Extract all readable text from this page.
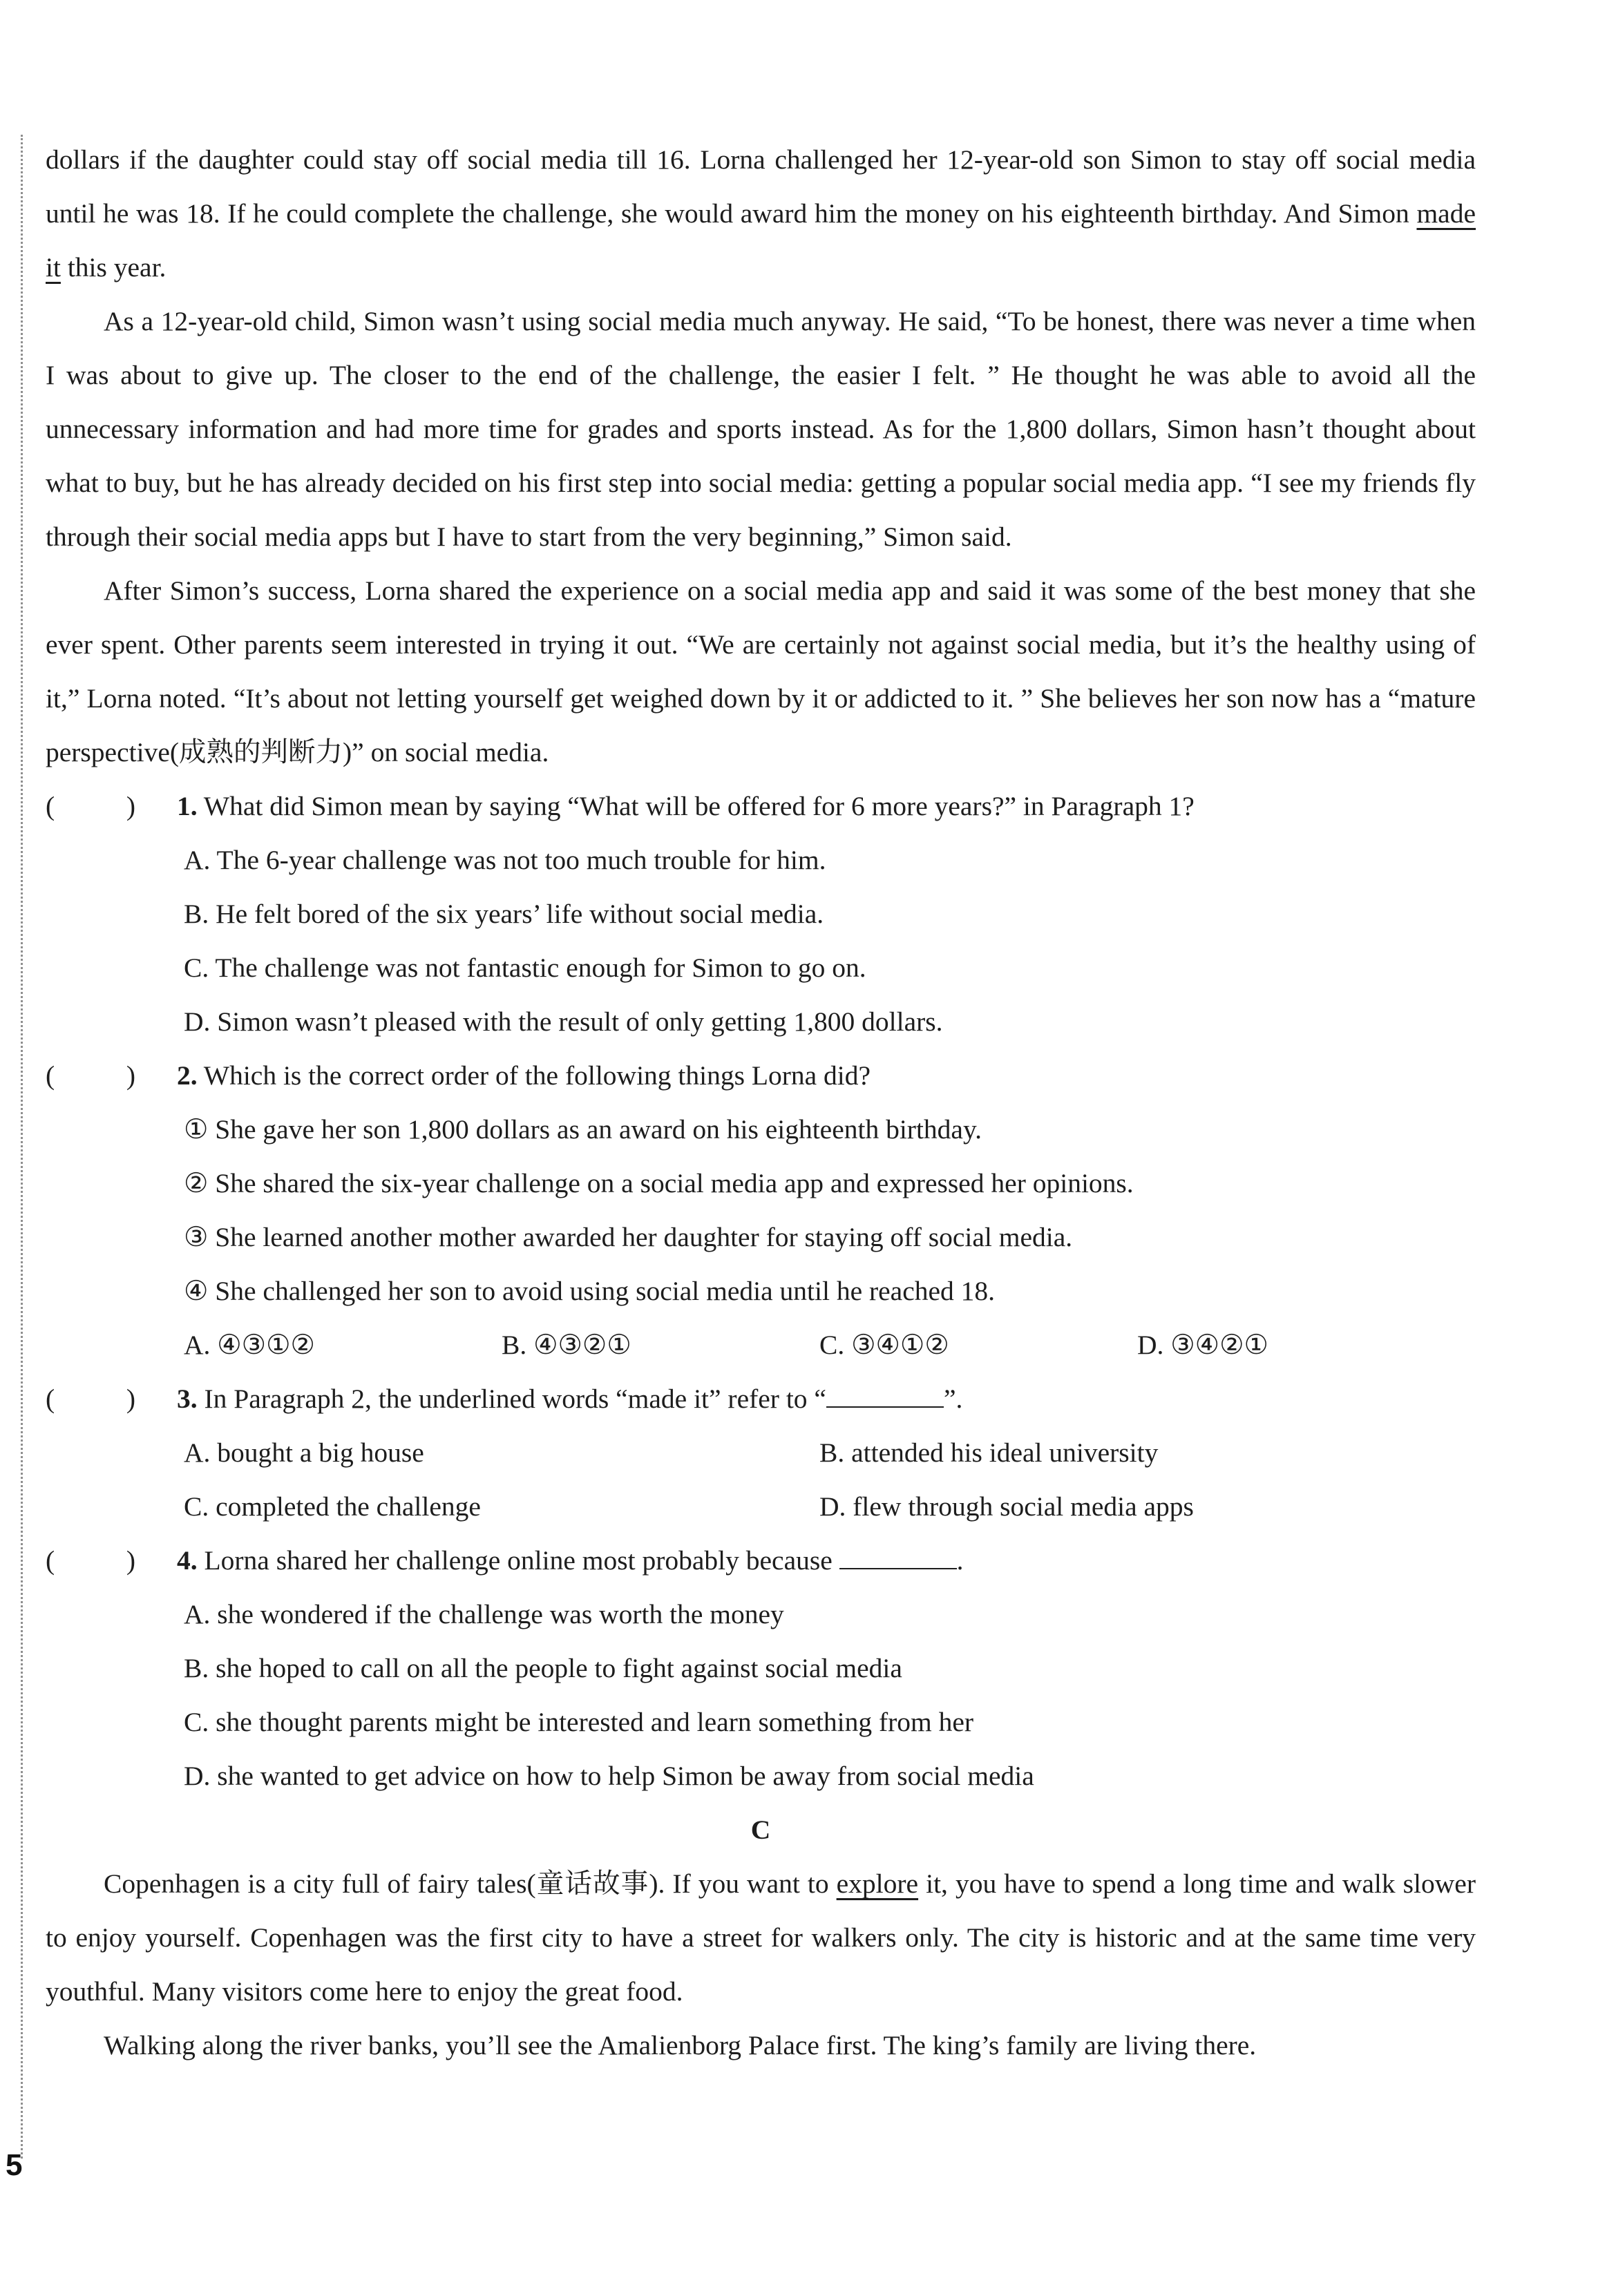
dollars if the daughter could stay off social media till 16. Lorna challenged her 12-year-old son Simon to stay off social media until he was 18. If he could complete the challenge, she would award him the money on his eighteenth birthday. And Simon made it this year.

As a 12-year-old child, Simon wasn’t using social media much anyway. He said, “To be honest, there was never a time when I was about to give up. The closer to the end of the challenge, the easier I felt. ” He thought he was able to avoid all the unnecessary information and had more time for grades and sports instead. As for the 1,800 dollars, Simon hasn’t thought about what to buy, but he has already decided on his first step into social media: getting a popular social media app. “I see my friends fly through their social media apps but I have to start from the very beginning,” Simon said.

After Simon’s success, Lorna shared the experience on a social media app and said it was some of the best money that she ever spent. Other parents seem interested in trying it out. “We are certainly not against social media, but it’s the healthy using of it,” Lorna noted. “It’s about not letting yourself get weighed down by it or addicted to it. ” She believes her son now has a “mature perspective(成熟的判断力)” on social media.

(	) 1. What did Simon mean by saying “What will be offered for 6 more years?” in Paragraph 1?

A. The 6-year challenge was not too much trouble for him.

B. He felt bored of the six years’ life without social media.

C. The challenge was not fantastic enough for Simon to go on.

D. Simon wasn’t pleased with the result of only getting 1,800 dollars.

(	) 2. Which is the correct order of the following things Lorna did?

① She gave her son 1,800 dollars as an award on his eighteenth birthday.

② She shared the six-year challenge on a social media app and expressed her opinions.

③ She learned another mother awarded her daughter for staying off social media.

④ She challenged her son to avoid using social media until he reached 18.

A. ④③①②	B. ④③②①	C. ③④①②	D. ③④②①
(	) 3. In Paragraph 2, the underlined words “made it” refer to “	”.
A. bought a big house	B. attended his ideal university
C. completed the challenge	D. flew through social media apps
(	) 4. Lorna shared her challenge online most probably because	.

A. she wondered if the challenge was worth the money

B. she hoped to call on all the people to fight against social media

C. she thought parents might be interested and learn something from her

D. she wanted to get advice on how to help Simon be away from social media

C

Copenhagen is a city full of fairy tales(童话故事). If you want to explore it, you have to spend a long time and walk slower to enjoy yourself. Copenhagen was the first city to have a street for walkers only. The city is historic and at the same time very youthful. Many visitors come here to enjoy the great food.

Walking along the river banks, you’ll see the Amalienborg Palace first. The king’s family are living there.

5
